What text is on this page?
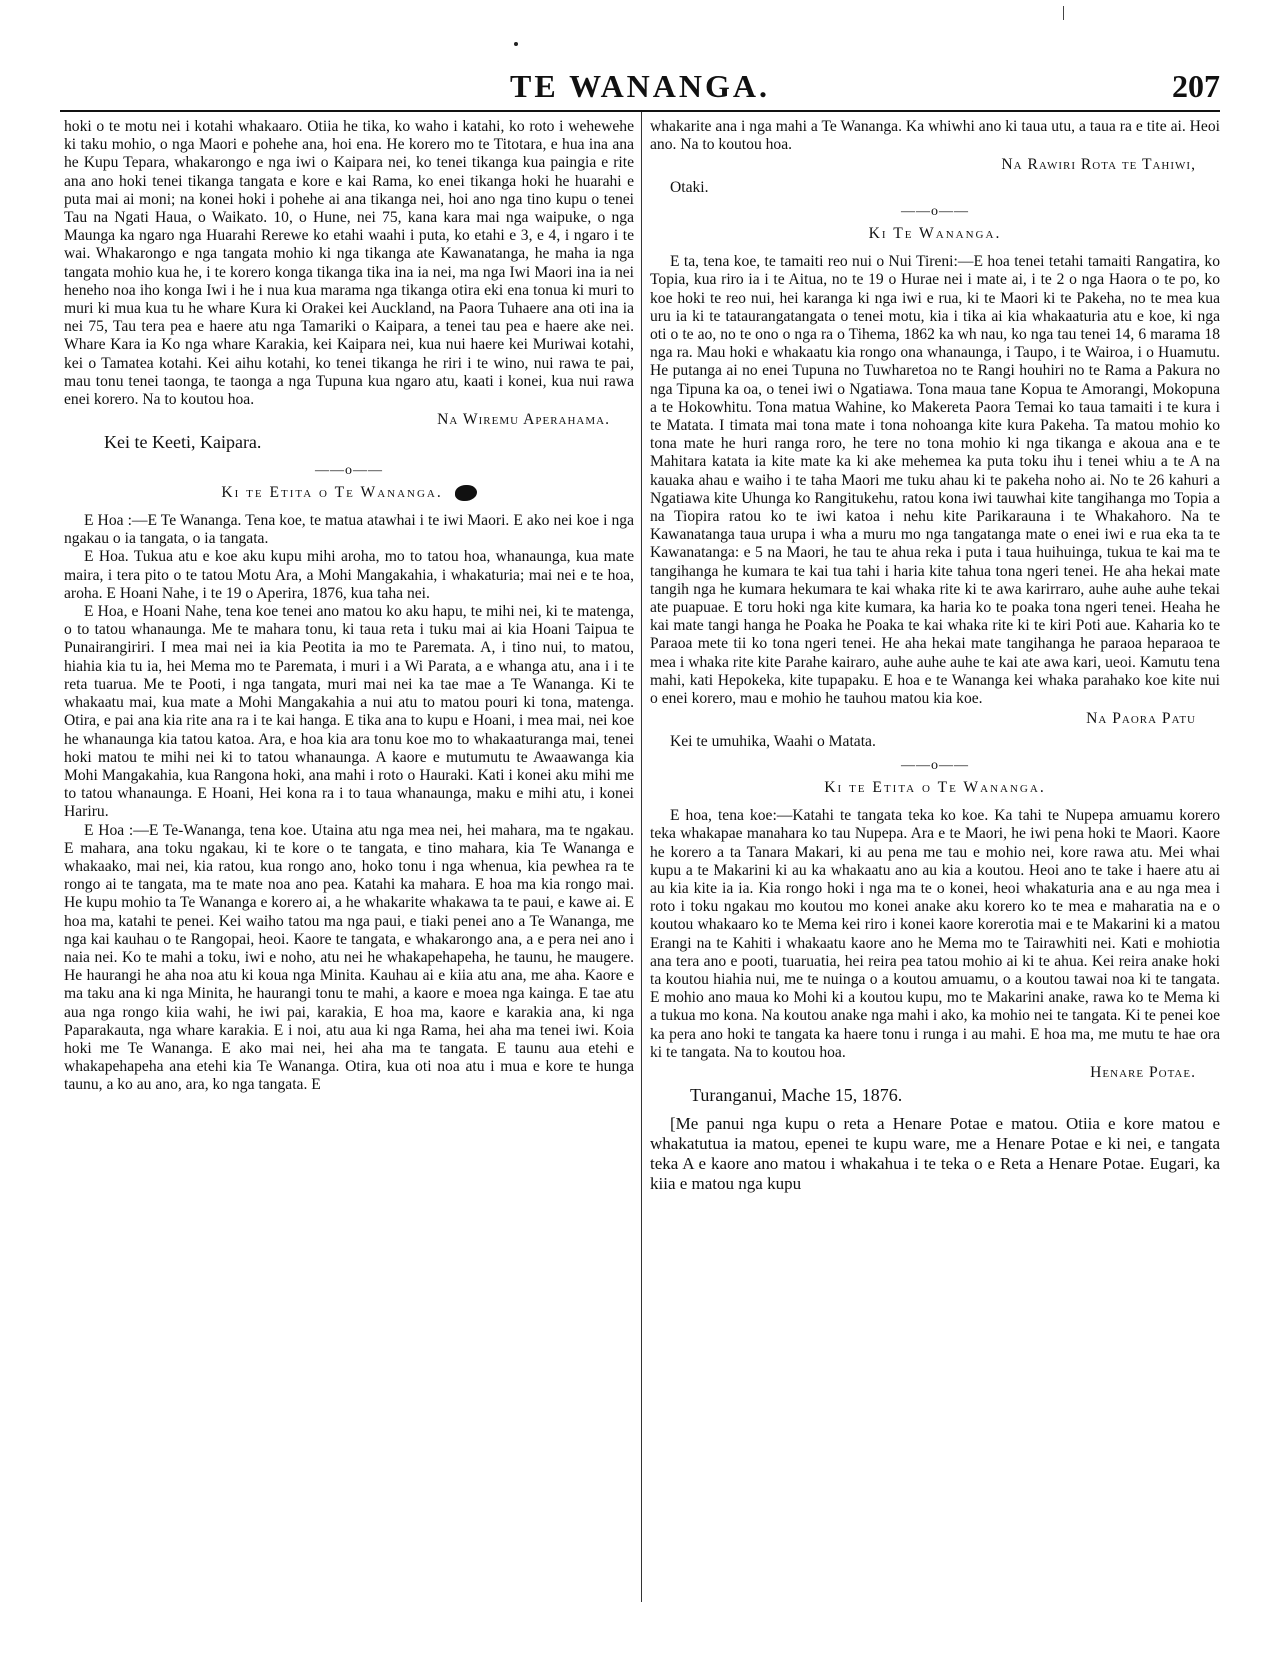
TE WANANGA.	207

hoki o te motu nei i kotahi whakaaro. Otiia he tika, ko waho i katahi, ko roto i wehewehe ki taku mohio, o nga Maori e pohehe ana, hoi ena. He korero mo te Titotara, e hua ina ana he Kupu Tepara, whakarongo e nga iwi o Kaipara nei, ko tenei tikanga kua paingia e rite ana ano hoki tenei tikanga tangata e kore e kai Rama, ko enei tikanga hoki he huarahi e puta mai ai moni; na konei hoki i pohehe ai ana tikanga nei, hoi ano nga tino kupu o tenei Tau na Ngati Haua, o Waikato. 10, o Hune, nei 75, kana kara mai nga waipuke, o nga Maunga ka ngaro nga Huarahi Rerewe ko etahi waahi i puta, ko etahi e 3, e 4, i ngaro i te wai. Whakarongo e nga tangata mohio ki nga tikanga ate Kawanatanga, he maha ia nga tangata mohio kua he, i te korero konga tikanga tika ina ia nei, ma nga Iwi Maori ina ia nei heneho noa iho konga Iwi i he i nua kua marama nga tikanga otira eki ena tonua ki muri to muri ki mua kua tu he whare Kura ki Orakei kei Auckland, na Paora Tuhaere ana oti ina ia nei 75, Tau tera pea e haere atu nga Tamariki o Kaipara, a tenei tau pea e haere ake nei. Whare Kara ia Ko nga whare Karakia, kei Kaipara nei, kua nui haere kei Muriwai kotahi, kei o Tamatea kotahi. Kei aihu kotahi, ko tenei tikanga he riri i te wino, nui rawa te pai, mau tonu tenei taonga, te taonga a nga Tupuna kua ngaro atu, kaati i konei, kua nui rawa enei korero. Na to koutou hoa.

Na Wiremu Aperahama.
Kei te Keeti, Kaipara.
——o——
Ki te Etita o Te Wananga.

E Hoa :—E Te Wananga. Tena koe, te matua atawhai i te iwi Maori. E ako nei koe i nga ngakau o ia tangata, o ia tangata.

E Hoa. Tukua atu e koe aku kupu mihi aroha, mo to tatou hoa, whanaunga, kua mate maira, i tera pito o te tatou Motu Ara, a Mohi Mangakahia, i whakaturia; mai nei e te hoa, aroha. E Hoani Nahe, i te 19 o Aperira, 1876, kua taha nei.

E Hoa, e Hoani Nahe, tena koe tenei ano matou ko aku hapu, te mihi nei, ki te matenga, o to tatou whanaunga. Me te mahara tonu, ki taua reta i tuku mai ai kia Hoani Taipua te Punairangiriri. I mea mai nei ia kia Peotita ia mo te Paremata. A, i tino nui, to matou, hiahia kia tu ia, hei Mema mo te Paremata, i muri i a Wi Parata, a e whanga atu, ana i i te reta tuarua. Me te Pooti, i nga tangata, muri mai nei ka tae mae a Te Wananga. Ki te whakaatu mai, kua mate a Mohi Mangakahia a nui atu to matou pouri ki tona, matenga. Otira, e pai ana kia rite ana ra i te kai hanga. E tika ana to kupu e Hoani, i mea mai, nei koe he whanaunga kia tatou katoa. Ara, e hoa kia ara tonu koe mo to whakaaturanga mai, tenei hoki matou te mihi nei ki to tatou whanaunga. A kaore e mutumutu te Awaawanga kia Mohi Mangakahia, kua Rangona hoki, ana mahi i roto o Hauraki. Kati i konei aku mihi me to tatou whanaunga. E Hoani, Hei kona ra i to taua whanaunga, maku e mihi atu, i konei Hariru.

E Hoa :—E Te-Wananga, tena koe. Utaina atu nga mea nei, hei mahara, ma te ngakau. E mahara, ana toku ngakau, ki te kore o te tangata, e tino mahara, kia Te Wananga e whakaako, mai nei, kia ratou, kua rongo ano, hoko tonu i nga whenua, kia pewhea ra te rongo ai te tangata, ma te mate noa ano pea. Katahi ka mahara. E hoa ma kia rongo mai. He kupu mohio ta Te Wananga e korero ai, a he whakarite whakawa ta te paui, e kawe ai. E hoa ma, katahi te penei. Kei waiho tatou ma nga paui, e tiaki penei ano a Te Wananga, me nga kai kauhau o te Rangopai, heoi. Kaore te tangata, e whakarongo ana, a e pera nei ano i naia nei. Ko te mahi a toku, iwi e noho, atu nei he whakapehapeha, he taunu, he maugere. He haurangi he aha noa atu ki koua nga Minita. Kauhau ai e kiia atu ana, me aha. Kaore e ma taku ana ki nga Minita, he haurangi tonu te mahi, a kaore e moea nga kainga. E tae atu aua nga rongo kiia wahi, he iwi pai, karakia, E hoa ma, kaore e karakia ana, ki nga Paparakauta, nga whare karakia. E i noi, atu aua ki nga Rama, hei aha ma tenei iwi. Koia hoki me Te Wananga. E ako mai nei, hei aha ma te tangata. E taunu aua etehi e whakapehapeha ana etehi kia Te Wananga. Otira, kua oti noa atu i mua e kore te hunga taunu, a ko au ano, ara, ko nga tangata. E

whakarite ana i nga mahi a Te Wananga. Ka whiwhi ano ki taua utu, a taua ra e tite ai. Heoi ano. Na to koutou hoa.

Na Rawiri Rota te Tahiwi,
Otaki.
——o——
Ki Te Wananga.

E ta, tena koe, te tamaiti reo nui o Nui Tireni:—E hoa tenei tetahi tamaiti Rangatira, ko Topia, kua riro ia i te Aitua, no te 19 o Hurae nei i mate ai, i te 2 o nga Haora o te po, ko koe hoki te reo nui, hei karanga ki nga iwi e rua, ki te Maori ki te Pakeha, no te mea kua uru ia ki te tataurangatangata o tenei motu, kia i tika ai kia whakaaturia atu e koe, ki nga oti o te ao, no te ono o nga ra o Tihema, 1862 ka wh nau, ko nga tau tenei 14, 6 marama 18 nga ra. Mau hoki e whakaatu kia rongo ona whanaunga, i Taupo, i te Wairoa, i o Huamutu. He putanga ai no enei Tupuna no Tuwharetoa no te Rangi houhiri no te Rama a Pakura no nga Tipuna ka oa, o tenei iwi o Ngatiawa. Tona maua tane Kopua te Amorangi, Mokopuna a te Hokowhitu. Tona matua Wahine, ko Makereta Paora Temai ko taua tamaiti i te kura i te Matata. I timata mai tona mate i tona nohoanga kite kura Pakeha. Ta matou mohio ko tona mate he huri ranga roro, he tere no tona mohio ki nga tikanga e akoua ana e te Mahitara katata ia kite mate ka ki ake mehemea ka puta toku ihu i tenei whiu a te A na kauaka ahau e waiho i te taha Maori me tuku ahau ki te pakeha noho ai. No te 26 kahuri a Ngatiawa kite Uhunga ko Rangitukehu, ratou kona iwi tauwhai kite tangihanga mo Topia a na Tiopira ratou ko te iwi katoa i nehu kite Parikarauna i te Whakahoro. Na te Kawanatanga taua urupa i wha a muru mo nga tangatanga mate o enei iwi e rua eka ta te Kawanatanga: e 5 na Maori, he tau te ahua reka i puta i taua huihuinga, tukua te kai ma te tangihanga he kumara te kai tua tahi i haria kite tahua tona ngeri tenei. He aha hekai mate tangih nga he kumara hekumara te kai whaka rite ki te awa karirraro, auhe auhe auhe tekai ate puapuae. E toru hoki nga kite kumara, ka haria ko te poaka tona ngeri tenei. Heaha he kai mate tangi hanga he Poaka he Poaka te kai whaka rite ki te kiri Poti aue. Kaharia ko te Paraoa mete tii ko tona ngeri tenei. He aha hekai mate tangihanga he paraoa heparaoa te mea i whaka rite kite Parahe kairaro, auhe auhe auhe te kai ate awa kari, ueoi. Kamutu tena mahi, kati Hepokeka, kite tupapaku. E hoa e te Wananga kei whaka parahako koe kite nui o enei korero, mau e mohio he tauhou matou kia koe.

Na Paora Patu
Kei te umuhika, Waahi o Matata.
——o——
Ki te Etita o Te Wananga.

E hoa, tena koe:—Katahi te tangata teka ko koe. Ka tahi te Nupepa amuamu korero teka whakapae manahara ko tau Nupepa. Ara e te Maori, he iwi pena hoki te Maori. Kaore he korero a ta Tanara Makari, ki au pena me tau e mohio nei, kore rawa atu. Mei whai kupu a te Makarini ki au ka whakaatu ano au kia a koutou. Heoi ano te take i haere atu ai au kia kite ia ia. Kia rongo hoki i nga ma te o konei, heoi whakaturia ana e au nga mea i roto i toku ngakau mo koutou mo konei anake aku korero ko te mea e maharatia na e o koutou whakaaro ko te Mema kei riro i konei kaore korerotia mai e te Makarini ki a matou Erangi na te Kahiti i whakaatu kaore ano he Mema mo te Tairawhiti nei. Kati e mohiotia ana tera ano e pooti, tuaruatia, hei reira pea tatou mohio ai ki te ahua. Kei reira anake hoki ta koutou hiahia nui, me te nuinga o a koutou amuamu, o a koutou tawai noa ki te tangata. E mohio ano maua ko Mohi ki a koutou kupu, mo te Makarini anake, rawa ko te Mema ki a tukua mo kona. Na koutou anake nga mahi i ako, ka mohio nei te tangata. Ki te penei koe ka pera ano hoki te tangata ka haere tonu i runga i au mahi. E hoa ma, me mutu te hae ora ki te tangata. Na to koutou hoa.

Henare Potae.
Turanganui, Mache 15, 1876.

[Me panui nga kupu o reta a Henare Potae e matou. Otiia e kore matou e whakatutua ia matou, epenei te kupu ware, me a Henare Potae e ki nei, e tangata teka A e kaore ano matou i whakahua i te teka o e Reta a Henare Potae. Eugari, ka kiia e matou nga kupu
